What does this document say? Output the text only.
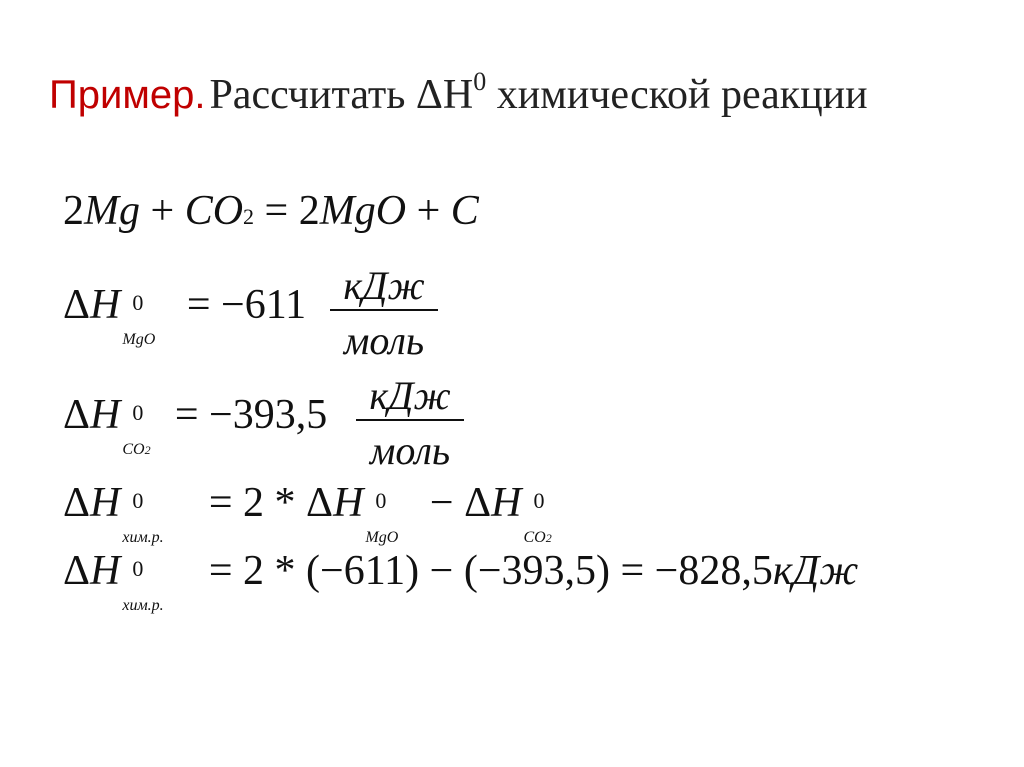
Пример. Рассчитать $\Delta H^0$ химической реакции
2Mg + CO2 = 2MgO + C
ΔH 0
MgO
= −611 кДж
моль
ΔH 0
CO2
= −393,5	кДж
моль
ΔH 0
хим.р.
= 2 * ΔH 0
MgO
− ΔH 0
CO2
ΔH 0
хим.р.
= 2 * (−611) − (−393,5) = −828,5кДж
